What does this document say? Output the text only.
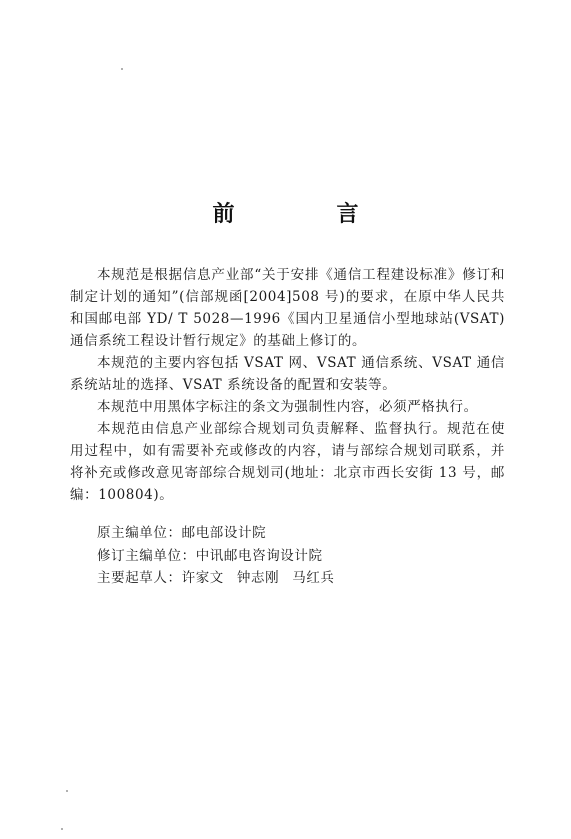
前　言

本规范是根据信息产业部“关于安排《通信工程建设标准》修订和制定计划的通知”(信部规函[2004]508 号)的要求，在原中华人民共和国邮电部 YD/ T 5028—1996《国内卫星通信小型地球站(VSAT)通信系统工程设计暂行规定》的基础上修订的。

本规范的主要内容包括 VSAT 网、VSAT 通信系统、VSAT 通信系统站址的选择、VSAT 系统设备的配置和安装等。

本规范中用黑体字标注的条文为强制性内容，必须严格执行。

本规范由信息产业部综合规划司负责解释、监督执行。规范在使用过程中，如有需要补充或修改的内容，请与部综合规划司联系，并将补充或修改意见寄部综合规划司(地址：北京市西长安街 13 号，邮编：100804)。

原主编单位：邮电部设计院
修订主编单位：中讯邮电咨询设计院
主要起草人：许家文 钟志刚 马红兵
